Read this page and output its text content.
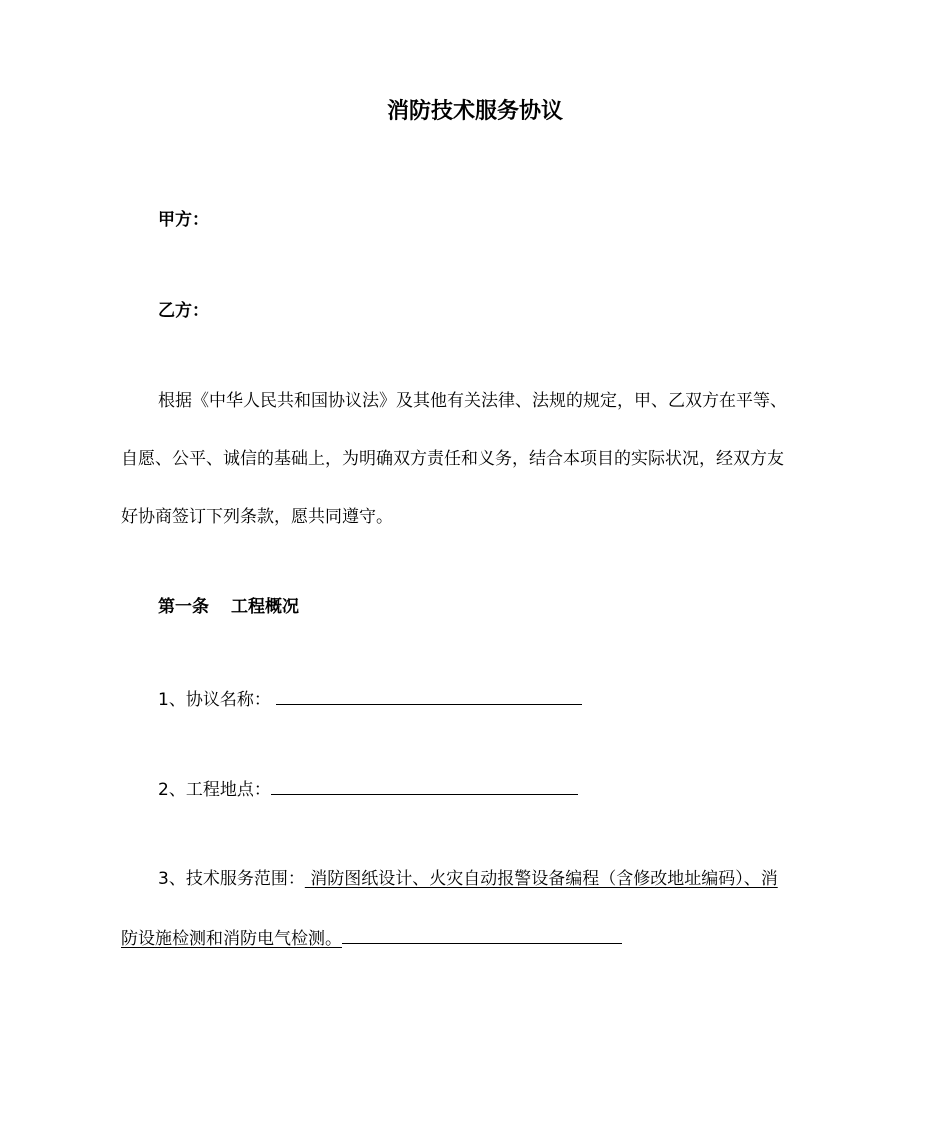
消防技术服务协议
甲方：
乙方：
根据《中华人民共和国协议法》及其他有关法律、法规的规定，甲、乙双方在平等、
自愿、公平、诚信的基础上，为明确双方责任和义务，结合本项目的实际状况，经双方友
好协商签订下列条款，愿共同遵守。
第一条 工程概况
1、协议名称：
2、工程地点：
3、技术服务范围： 消防图纸设计、火灾自动报警设备编程（含修改地址编码）、消
防设施检测和消防电气检测。
